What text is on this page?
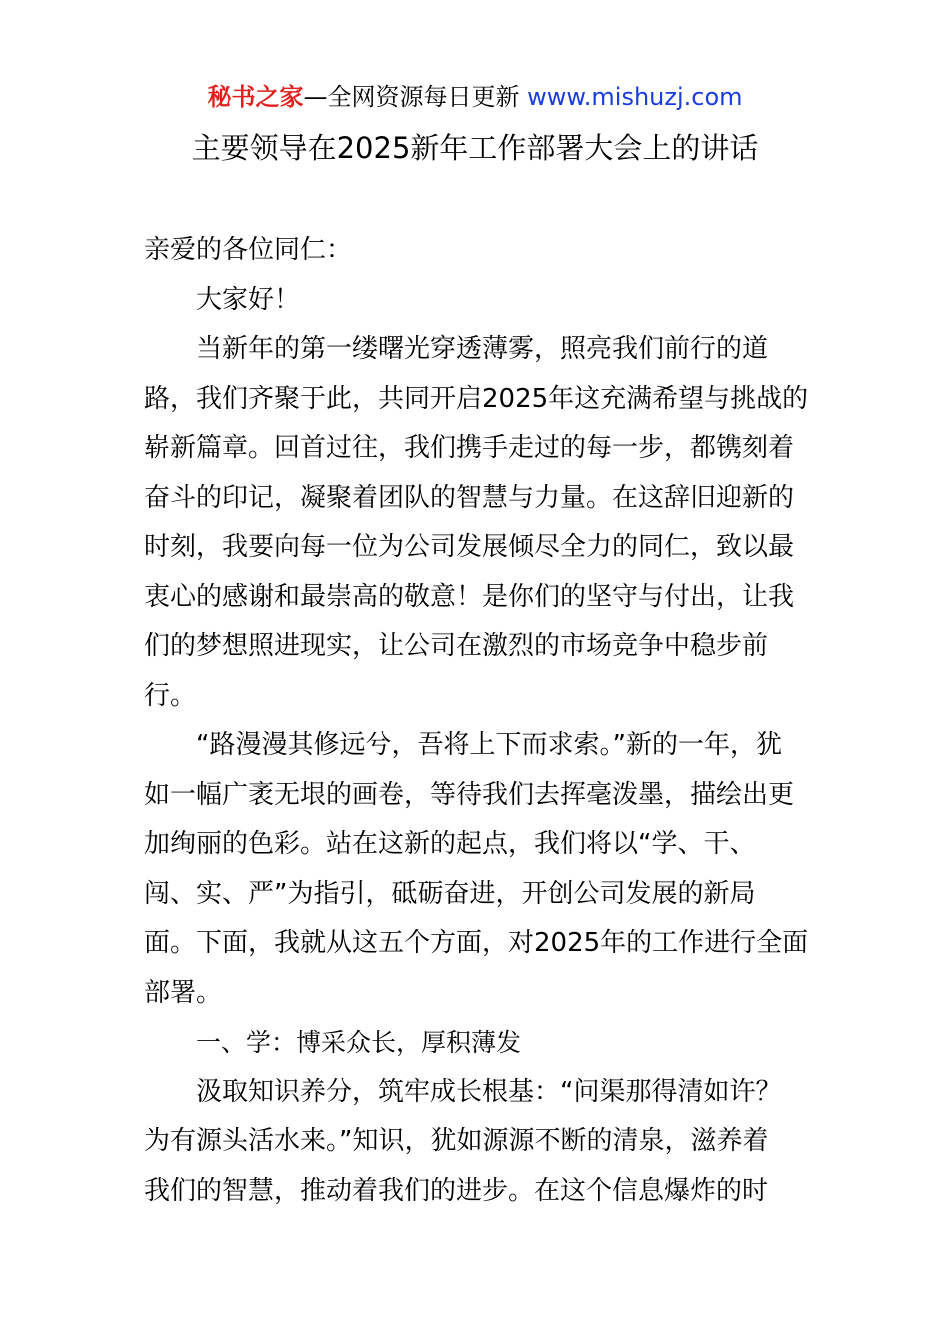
秘书之家—全网资源每日更新 www.mishuzj.com
主要领导在2025新年工作部署大会上的讲话
亲爱的各位同仁：
大家好！
当新年的第一缕曙光穿透薄雾，照亮我们前行的道
路，我们齐聚于此，共同开启2025年这充满希望与挑战的
崭新篇章。回首过往，我们携手走过的每一步，都镌刻着
奋斗的印记，凝聚着团队的智慧与力量。在这辞旧迎新的
时刻，我要向每一位为公司发展倾尽全力的同仁，致以最
衷心的感谢和最崇高的敬意！是你们的坚守与付出，让我
们的梦想照进现实，让公司在激烈的市场竞争中稳步前
行。
“路漫漫其修远兮，吾将上下而求索。”新的一年，犹
如一幅广袤无垠的画卷，等待我们去挥毫泼墨，描绘出更
加绚丽的色彩。站在这新的起点，我们将以“学、干、
闯、实、严”为指引，砥砺奋进，开创公司发展的新局
面。下面，我就从这五个方面，对2025年的工作进行全面
部署。
一、学：博采众长，厚积薄发
汲取知识养分，筑牢成长根基：“问渠那得清如许？
为有源头活水来。”知识，犹如源源不断的清泉，滋养着
我们的智慧，推动着我们的进步。在这个信息爆炸的时
